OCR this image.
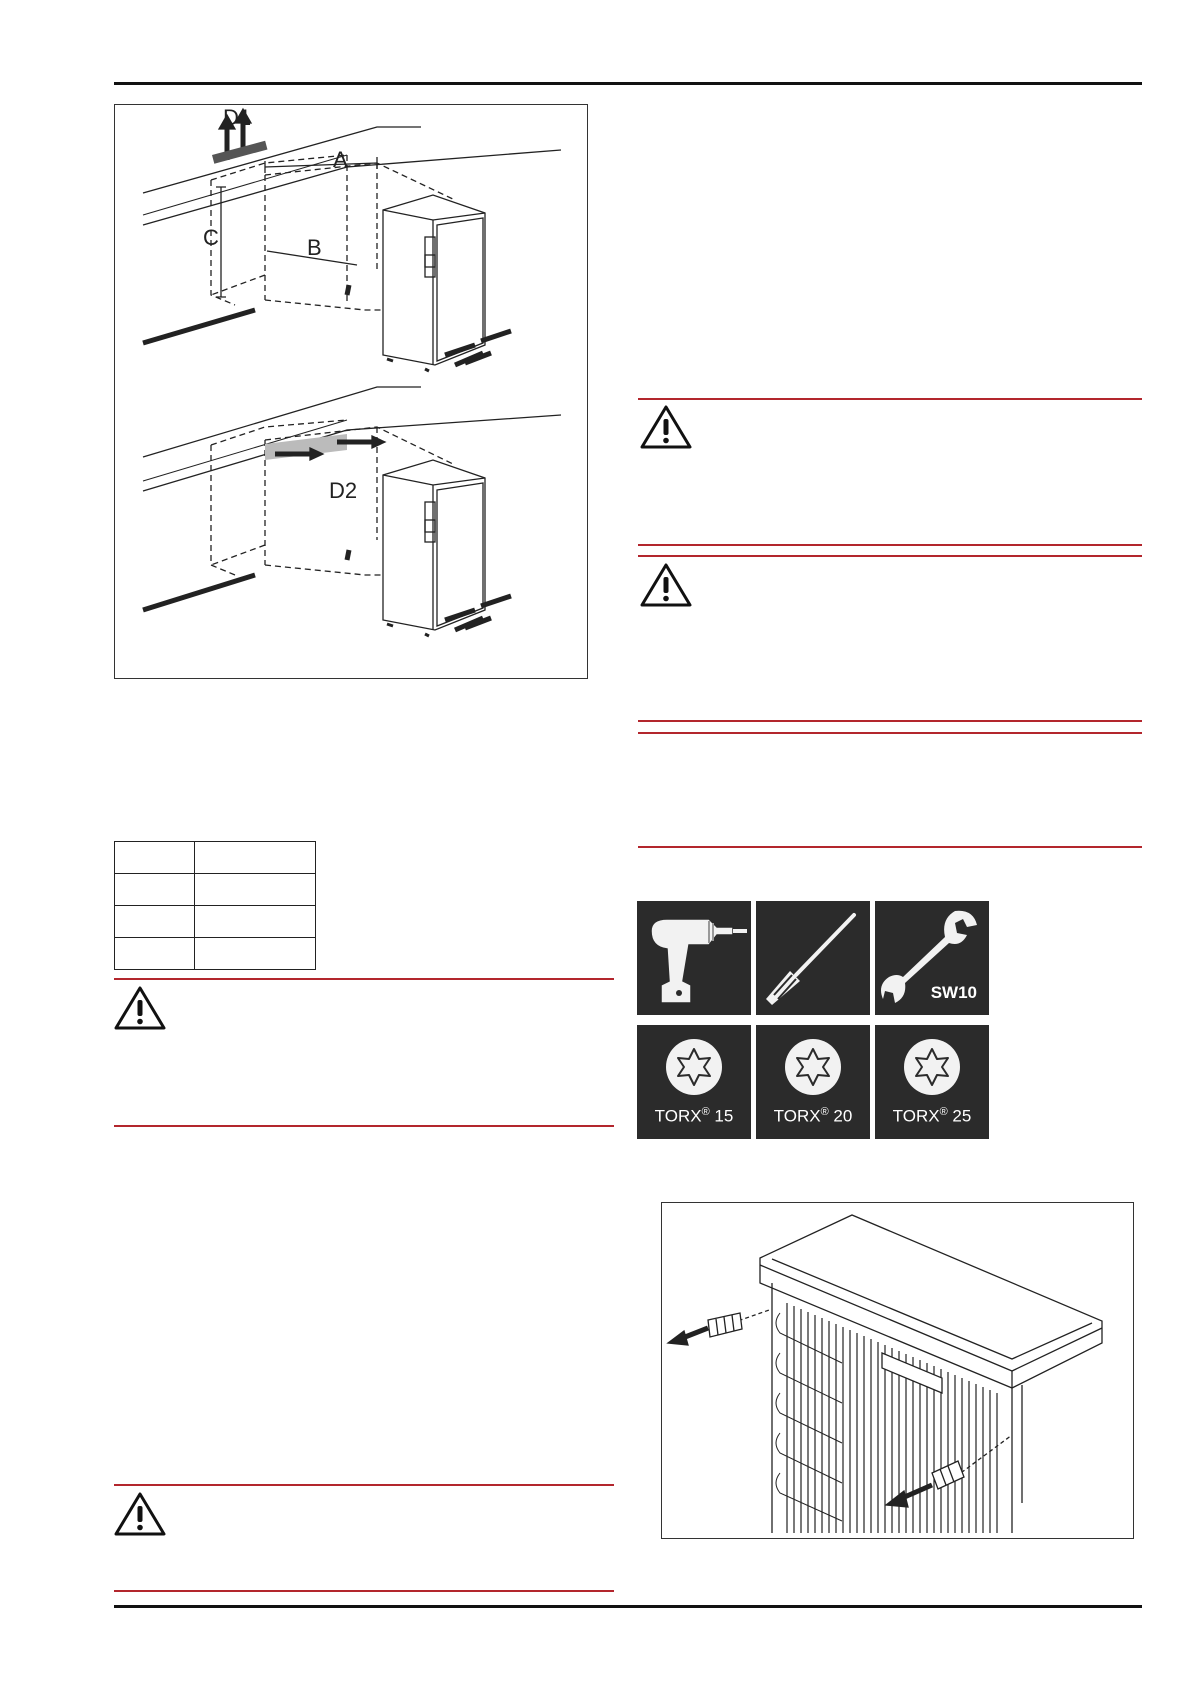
D1
A
B
C
D2

SW10
TORX® 15	TORX® 20	TORX® 25
